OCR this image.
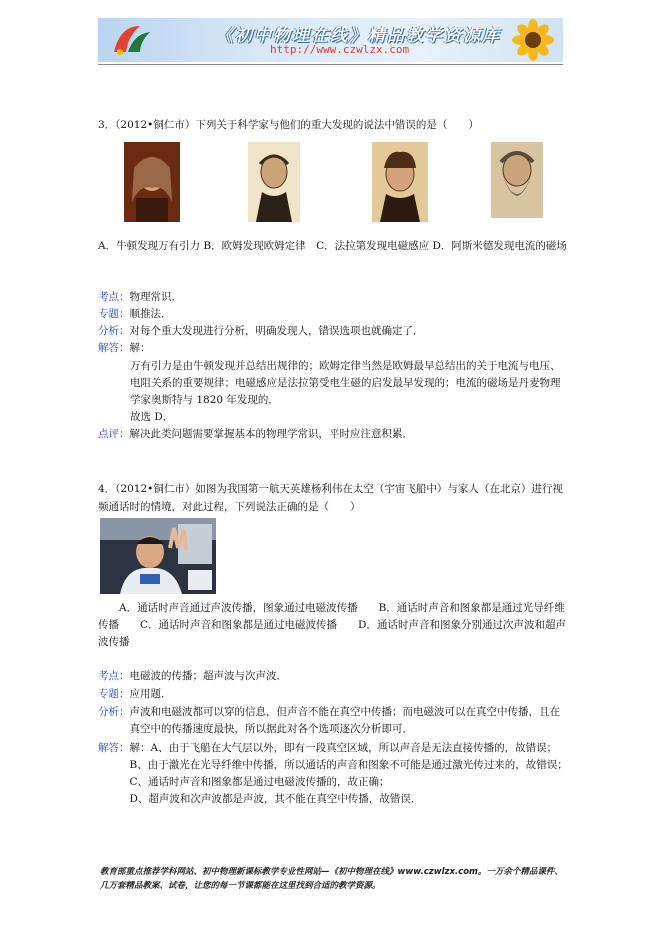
《初中物理在线》精品教学资源库
http://www.czwlzx.com
3．（2012•铜仁市）下列关于科学家与他们的重大发现的说法中错误的是（　　）
A．牛顿发现万有引力 B．欧姆发现欧姆定律　C．法拉第发现电磁感应 D．阿斯米德发现电流的磁场
考点：物理常识．
专题：顺推法．
分析：对每个重大发现进行分析，明确发现人，错误选项也就确定了．
解答：解：
万有引力是由牛顿发现并总结出规律的；欧姆定律当然是欧姆最早总结出的关于电流与电压、电阻关系的重要规律；电磁感应是法拉第受电生磁的启发最早发现的；电流的磁场是丹麦物理学家奥斯特与 1820 年发现的．
故选 D．
点评：解决此类问题需要掌握基本的物理学常识，平时应注意积累．
4．（2012•铜仁市）如图为我国第一航天英雄杨利伟在太空（宇宙飞船中）与家人（在北京）进行视频通话时的情境，对此过程，下列说法正确的是（　　）
　　A．通话时声音通过声波传播，图象通过电磁波传播　　B．通话时声音和图象都是通过光导纤维传播　　C．通话时声音和图象都是通过电磁波传播　　D．通话时声音和图象分别通过次声波和超声波传播
考点：电磁波的传播；超声波与次声波．
专题：应用题．
分析： 声波和电磁波都可以穿的信息，但声音不能在真空中传播；而电磁波可以在真空中传播，且在真空中的传播速度最快，所以据此对各个选项逐次分析即可．
解答： 解：A、由于飞船在大气层以外，即有一段真空区域，所以声音是无法直接传播的，故错误；
B、由于激光在光导纤维中传播，所以通话的声音和图象不可能是通过激光传过来的，故错误；
C、通话时声音和图象都是通过电磁波传播的，故正确；
D、超声波和次声波都是声波，其不能在真空中传播，故错误．
教育部重点推荐学科网站、初中物理新课标教学专业性网站—《初中物理在线》www.czwlzx.com。一万余个精品课件、几万套精品教案、试卷，让您的每一节课都能在这里找到合适的教学资源。
